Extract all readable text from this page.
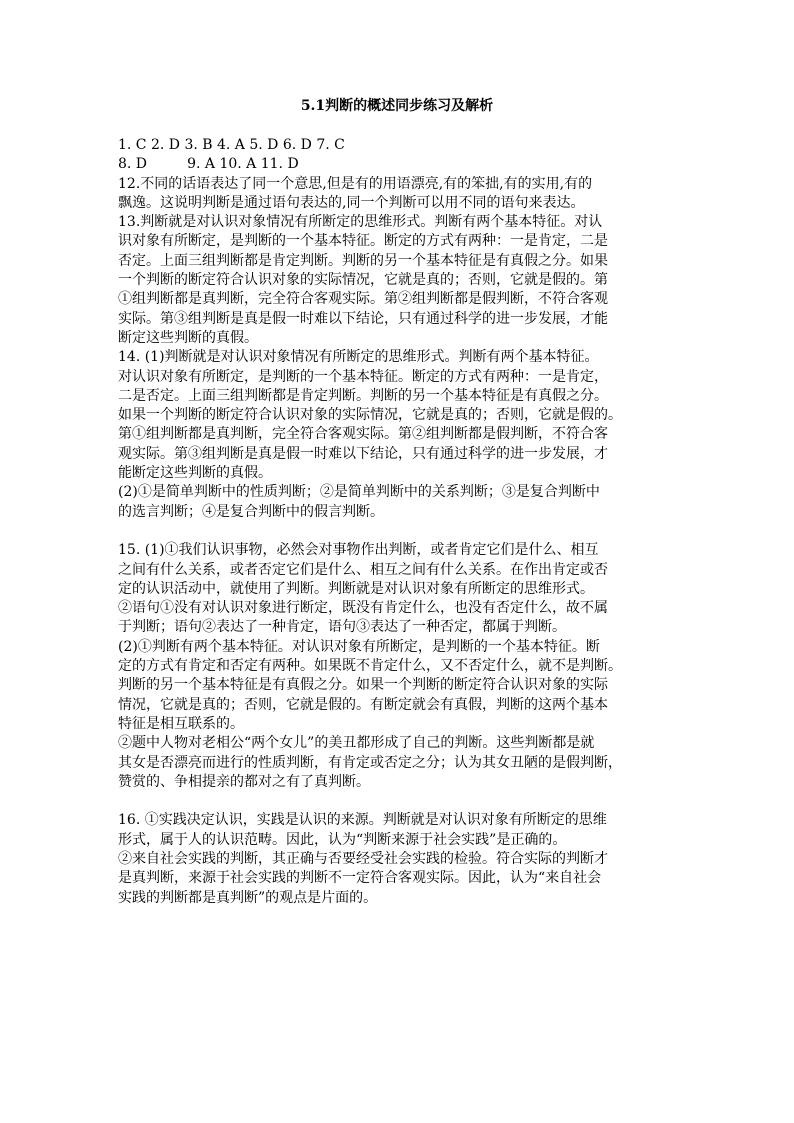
5.1判断的概述同步练习及解析
1. C 2. D 3. B 4. A 5. D 6. D 7. C
8. D         9. A 10. A 11. D
12.不同的话语表达了同一个意思,但是有的用语漂亮,有的笨拙,有的实用,有的
飘逸。这说明判断是通过语句表达的,同一个判断可以用不同的语句来表达。
13.判断就是对认识对象情况有所断定的思维形式。判断有两个基本特征。对认
识对象有所断定，是判断的一个基本特征。断定的方式有两种：一是肯定，二是
否定。上面三组判断都是肯定判断。判断的另一个基本特征是有真假之分。如果
一个判断的断定符合认识对象的实际情况，它就是真的；否则，它就是假的。第
①组判断都是真判断，完全符合客观实际。第②组判断都是假判断，不符合客观
实际。第③组判断是真是假一时难以下结论，只有通过科学的进一步发展，才能
断定这些判断的真假。
14. (1)判断就是对认识对象情况有所断定的思维形式。判断有两个基本特征。
对认识对象有所断定，是判断的一个基本特征。断定的方式有两种：一是肯定，
二是否定。上面三组判断都是肯定判断。判断的另一个基本特征是有真假之分。
如果一个判断的断定符合认识对象的实际情况，它就是真的；否则，它就是假的。
第①组判断都是真判断，完全符合客观实际。第②组判断都是假判断，不符合客
观实际。第③组判断是真是假一时难以下结论，只有通过科学的进一步发展，才
能断定这些判断的真假。
(2)①是简单判断中的性质判断；②是简单判断中的关系判断；③是复合判断中
的选言判断；④是复合判断中的假言判断。
15. (1)①我们认识事物，必然会对事物作出判断，或者肯定它们是什么、相互
之间有什么关系，或者否定它们是什么、相互之间有什么关系。在作出肯定或否
定的认识活动中，就使用了判断。判断就是对认识对象有所断定的思维形式。
②语句①没有对认识对象进行断定，既没有肯定什么，也没有否定什么，故不属
于判断；语句②表达了一种肯定，语句③表达了一种否定，都属于判断。
(2)①判断有两个基本特征。对认识对象有所断定，是判断的一个基本特征。断
定的方式有肯定和否定有两种。如果既不肯定什么，又不否定什么，就不是判断。
判断的另一个基本特征是有真假之分。如果一个判断的断定符合认识对象的实际
情况，它就是真的；否则，它就是假的。有断定就会有真假，判断的这两个基本
特征是相互联系的。
②题中人物对老相公“两个女儿”的美丑都形成了自己的判断。这些判断都是就
其女是否漂亮而进行的性质判断，有肯定或否定之分；认为其女丑陋的是假判断，
赞赏的、争相提亲的都对之有了真判断。
16. ①实践决定认识，实践是认识的来源。判断就是对认识对象有所断定的思维
形式，属于人的认识范畴。因此，认为“判断来源于社会实践”是正确的。
②来自社会实践的判断，其正确与否要经受社会实践的检验。符合实际的判断才
是真判断，来源于社会实践的判断不一定符合客观实际。因此，认为“来自社会
实践的判断都是真判断”的观点是片面的。
